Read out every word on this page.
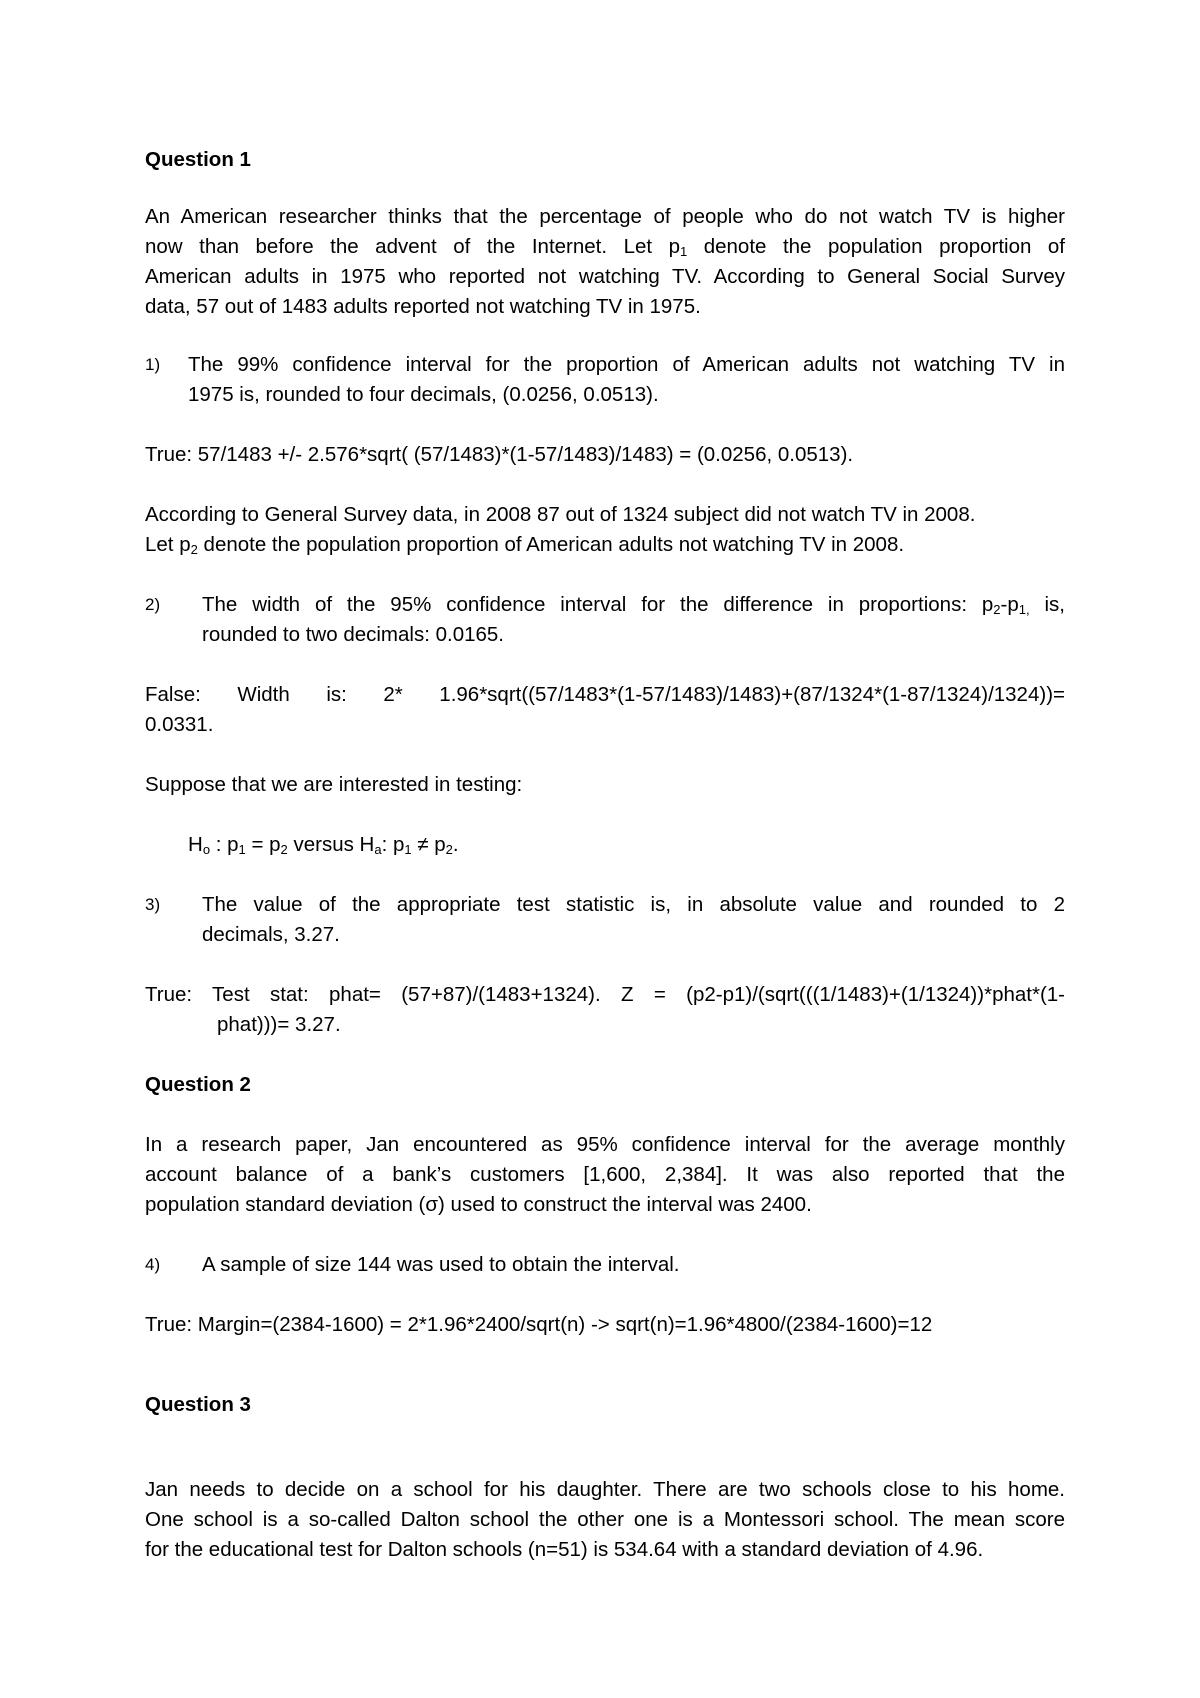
Question 1
An American researcher thinks that the percentage of people who do not watch TV is higher
now than before the advent of the Internet. Let $p_1$ denote the population proportion of
American adults in 1975 who reported not watching TV. According to General Social Survey
data, 57 out of 1483 adults reported not watching TV in 1975.
1) The 99% confidence interval for the proportion of American adults not watching TV in
1975 is, rounded to four decimals, (0.0256, 0.0513).
True: 57/1483 +/- 2.576*sqrt( (57/1483)*(1-57/1483)/1483) = (0.0256, 0.0513).
According to General Survey data, in 2008 87 out of 1324 subject did not watch TV in 2008.
Let $p_2$ denote the population proportion of American adults not watching TV in 2008.
2) The width of the 95% confidence interval for the difference in proportions: $p_2-p_{1,}$ is,
rounded to two decimals: 0.0165.
False: Width is: 2* 1.96*sqrt((57/1483*(1-57/1483)/1483)+(87/1324*(1-87/1324)/1324))=
0.0331.
Suppose that we are interested in testing:
$H_o$ : $p_1 = p_2$ versus $H_a$: $p_1 \ne p_2$.
3) The value of the appropriate test statistic is, in absolute value and rounded to 2
decimals, 3.27.
True: Test stat: phat= (57+87)/(1483+1324). Z = (p2-p1)/(sqrt(((1/1483)+(1/1324))*phat*(1-
phat)))= 3.27.
Question 2
In a research paper, Jan encountered as 95% confidence interval for the average monthly
account balance of a bank’s customers [1,600, 2,384]. It was also reported that the
population standard deviation (σ) used to construct the interval was 2400.
4) A sample of size 144 was used to obtain the interval.
True: Margin=(2384-1600) = 2*1.96*2400/sqrt(n) -> sqrt(n)=1.96*4800/(2384-1600)=12
Question 3
Jan needs to decide on a school for his daughter. There are two schools close to his home.
One school is a so-called Dalton school the other one is a Montessori school. The mean score
for the educational test for Dalton schools (n=51) is 534.64 with a standard deviation of 4.96.
